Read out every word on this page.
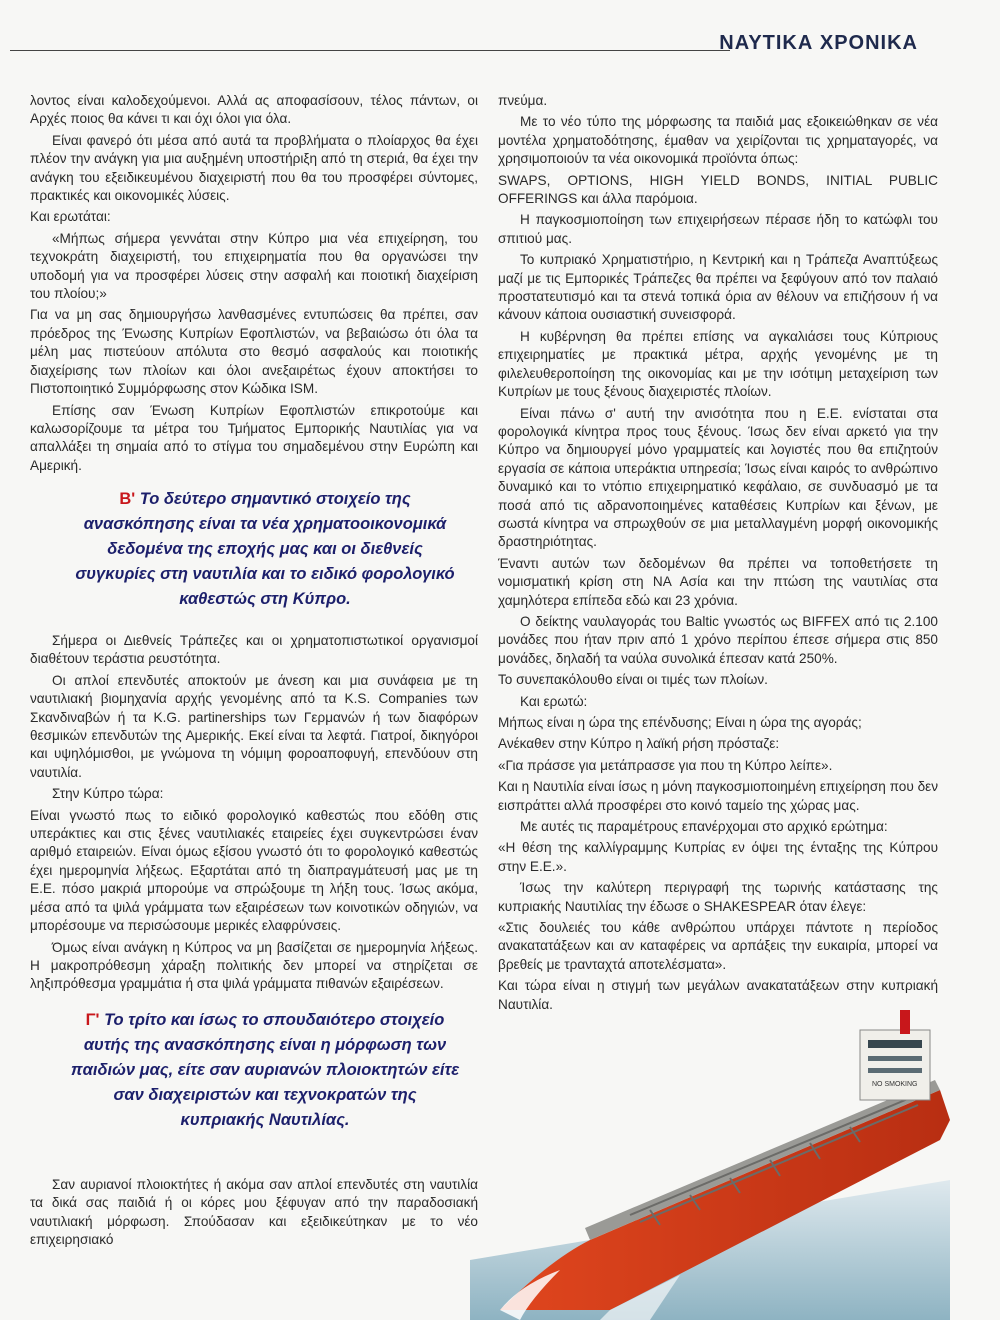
ΝΑΥΤΙΚΑ ΧΡΟΝΙΚΑ

λοντος είναι καλοδεχούμενοι. Αλλά ας αποφασίσουν, τέλος πάντων, οι Αρχές ποιος θα κάνει τι και όχι όλοι για όλα.

Είναι φανερό ότι μέσα από αυτά τα προβλήματα ο πλοίαρχος θα έχει πλέον την ανάγκη για μια αυξημένη υποστήριξη από τη στεριά, θα έχει την ανάγκη του εξειδικευμένου διαχειριστή που θα του προσφέρει σύντομες, πρακτικές και οικονομικές λύσεις.

Και ερωτάται:

«Μήπως σήμερα γεννάται στην Κύπρο μια νέα επιχείρηση, του τεχνοκράτη διαχειριστή, του επιχειρηματία που θα οργανώσει την υποδομή για να προσφέρει λύσεις στην ασφαλή και ποιοτική διαχείριση του πλοίου;»

Για να μη σας δημιουργήσω λανθασμένες εντυπώσεις θα πρέπει, σαν πρόεδρος της Ένωσης Κυπρίων Εφοπλιστών, να βεβαιώσω ότι όλα τα μέλη μας πιστεύουν απόλυτα στο θεσμό ασφαλούς και ποιοτικής διαχείρισης των πλοίων και όλοι ανεξαιρέτως έχουν αποκτήσει το Πιστοποιητικό Συμμόρφωσης στον Κώδικα ISM.

Επίσης σαν Ένωση Κυπρίων Εφοπλιστών επικροτούμε και καλωσορίζουμε τα μέτρα του Τμήματος Εμπορικής Ναυτιλίας για να απαλλάξει τη σημαία από το στίγμα του σημαδεμένου στην Ευρώπη και Αμερική.

Β' Το δεύτερο σημαντικό στοιχείο της ανασκόπησης είναι τα νέα χρηματοοικονομικά δεδομένα της εποχής μας και οι διεθνείς συγκυρίες στη ναυτιλία και το ειδικό φορολογικό καθεστώς στη Κύπρο.

Σήμερα οι Διεθνείς Τράπεζες και οι χρηματοπιστωτικοί οργανισμοί διαθέτουν τεράστια ρευστότητα.

Οι απλοί επενδυτές αποκτούν με άνεση και μια συνάφεια με τη ναυτιλιακή βιομηχανία αρχής γενομένης από τα K.S. Companies των Σκανδιναβών ή τα K.G. partinerships των Γερμανών ή των διαφόρων θεσμικών επενδυτών της Αμερικής. Εκεί είναι τα λεφτά. Γιατροί, δικηγόροι και υψηλόμισθοι, με γνώμονα τη νόμιμη φοροαποφυγή, επενδύουν στη ναυτιλία.

Στην Κύπρο τώρα:

Είναι γνωστό πως το ειδικό φορολογικό καθεστώς που εδόθη στις υπεράκτιες και στις ξένες ναυτιλιακές εταιρείες έχει συγκεντρώσει έναν αριθμό εταιρειών. Είναι όμως εξίσου γνωστό ότι το φορολογικό καθεστώς έχει ημερομηνία λήξεως. Εξαρτάται από τη διαπραγμάτευσή μας με τη Ε.Ε. πόσο μακριά μπορούμε να σπρώξουμε τη λήξη τους. Ίσως ακόμα, μέσα από τα ψιλά γράμματα των εξαιρέσεων των κοινοτικών οδηγιών, να μπορέσουμε να περισώσουμε μερικές ελαφρύνσεις.

Όμως είναι ανάγκη η Κύπρος να μη βασίζεται σε ημερομηνία λήξεως. Η μακροπρόθεσμη χάραξη πολιτικής δεν μπορεί να στηρίζεται σε ληξιπρόθεσμα γραμμάτια ή στα ψιλά γράμματα πιθανών εξαιρέσεων.

Γ' Το τρίτο και ίσως το σπουδαιότερο στοιχείο αυτής της ανασκόπησης είναι η μόρφωση των παιδιών μας, είτε σαν αυριανών πλοιοκτητών είτε σαν διαχειριστών και τεχνοκρατών της κυπριακής Ναυτιλίας.

Σαν αυριανοί πλοιοκτήτες ή ακόμα σαν απλοί επενδυτές στη ναυτιλία τα δικά σας παιδιά ή οι κόρες μου ξέφυγαν από την παραδοσιακή ναυτιλιακή μόρφωση. Σπούδασαν και εξειδικεύτηκαν με το νέο επιχειρησιακό

πνεύμα.

Με το νέο τύπο της μόρφωσης τα παιδιά μας εξοικειώθηκαν σε νέα μοντέλα χρηματοδότησης, έμαθαν να χειρίζονται τις χρηματαγορές, να χρησιμοποιούν τα νέα οικονομικά προϊόντα όπως:

SWAPS, OPTIONS, HIGH YIELD BONDS, INITIAL PUBLIC OFFERINGS και άλλα παρόμοια.

Η παγκοσμιοποίηση των επιχειρήσεων πέρασε ήδη το κατώφλι του σπιτιού μας.

Το κυπριακό Χρηματιστήριο, η Κεντρική και η Τράπεζα Αναπτύξεως μαζί με τις Εμπορικές Τράπεζες θα πρέπει να ξεφύγουν από τον παλαιό προστατευτισμό και τα στενά τοπικά όρια αν θέλουν να επιζήσουν ή να κάνουν κάποια ουσιαστική συνεισφορά.

Η κυβέρνηση θα πρέπει επίσης να αγκαλιάσει τους Κύπριους επιχειρηματίες με πρακτικά μέτρα, αρχής γενομένης με τη φιλελευθεροποίηση της οικονομίας και με την ισότιμη μεταχείριση των Κυπρίων με τους ξένους διαχειριστές πλοίων.

Είναι πάνω σ' αυτή την ανισότητα που η Ε.Ε. ενίσταται στα φορολογικά κίνητρα προς τους ξένους. Ίσως δεν είναι αρκετό για την Κύπρο να δημιουργεί μόνο γραμματείς και λογιστές που θα επιζητούν εργασία σε κάποια υπεράκτια υπηρεσία; Ίσως είναι καιρός το ανθρώπινο δυναμικό και το ντόπιο επιχειρηματικό κεφάλαιο, σε συνδυασμό με τα ποσά από τις αδρανοποιημένες καταθέσεις Κυπρίων και ξένων, με σωστά κίνητρα να σπρωχθούν σε μια μεταλλαγμένη μορφή οικονομικής δραστηριότητας.

Έναντι αυτών των δεδομένων θα πρέπει να τοποθετήσετε τη νομισματική κρίση στη ΝΑ Ασία και την πτώση της ναυτιλίας στα χαμηλότερα επίπεδα εδώ και 23 χρόνια.

Ο δείκτης ναυλαγοράς του Baltic γνωστός ως BIFFEX από τις 2.100 μονάδες που ήταν πριν από 1 χρόνο περίπου έπεσε σήμερα στις 850 μονάδες, δηλαδή τα ναύλα συνολικά έπεσαν κατά 250%.

Το συνεπακόλουθο είναι οι τιμές των πλοίων.

Και ερωτώ:

Μήπως είναι η ώρα της επένδυσης; Είναι η ώρα της αγοράς;

Ανέκαθεν στην Κύπρο η λαϊκή ρήση πρόσταζε:

«Για πράσσε για μετάπρασσε για που τη Κύπρο λείπε».

Και η Ναυτιλία είναι ίσως η μόνη παγκοσμιοποιημένη επιχείρηση που δεν εισπράττει αλλά προσφέρει στο κοινό ταμείο της χώρας μας.

Με αυτές τις παραμέτρους επανέρχομαι στο αρχικό ερώτημα:

«Η θέση της καλλίγραμμης Κυπρίας εν όψει της ένταξης της Κύπρου στην Ε.Ε.».

Ίσως την καλύτερη περιγραφή της τωρινής κατάστασης της κυπριακής Ναυτιλίας την έδωσε ο SHAKESPEAR όταν έλεγε:

«Στις δουλειές του κάθε ανθρώπου υπάρχει πάντοτε η περίοδος ανακατατάξεων και αν καταφέρεις να αρπάξεις την ευκαιρία, μπορεί να βρεθείς με τρανταχτά αποτελέσματα».

Και τώρα είναι η στιγμή των μεγάλων ανακατατάξεων στην κυπριακή Ναυτιλία.

NO SMOKING
